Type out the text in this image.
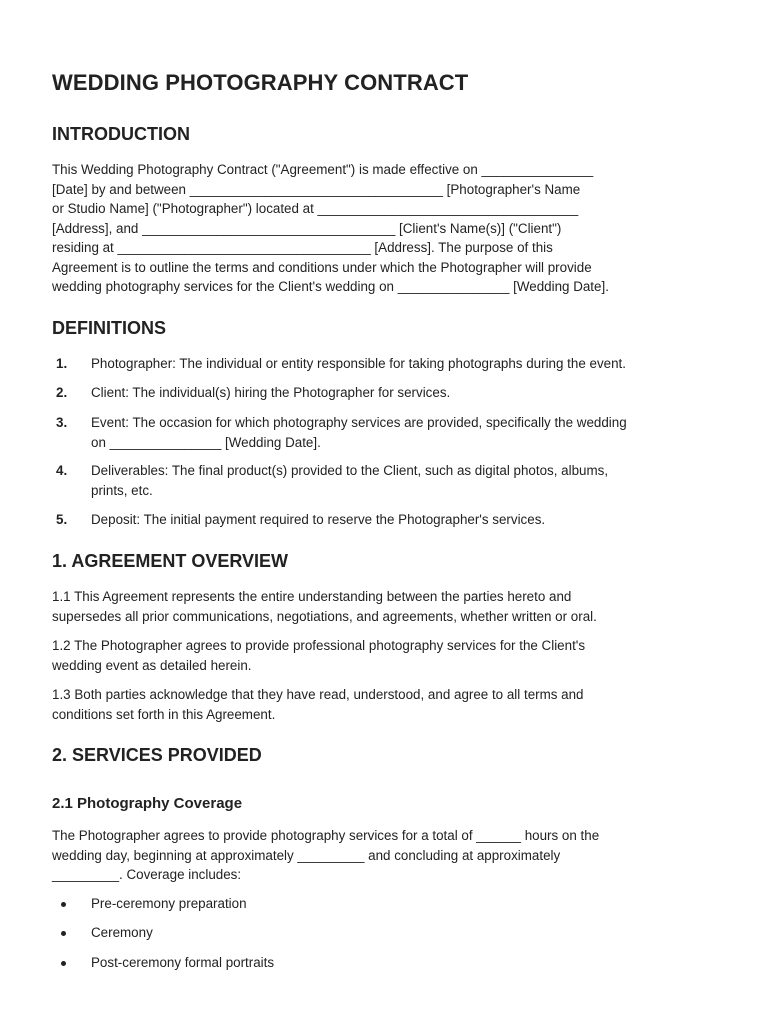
WEDDING PHOTOGRAPHY CONTRACT
INTRODUCTION
This Wedding Photography Contract ("Agreement") is made effective on _______________
[Date] by and between __________________________________ [Photographer's Name
or Studio Name] ("Photographer") located at ___________________________________
[Address], and __________________________________ [Client's Name(s)] ("Client")
residing at __________________________________ [Address]. The purpose of this
Agreement is to outline the terms and conditions under which the Photographer will provide
wedding photography services for the Client's wedding on _______________ [Wedding Date].
DEFINITIONS
1. Photographer: The individual or entity responsible for taking photographs during the event.
2. Client: The individual(s) hiring the Photographer for services.
3. Event: The occasion for which photography services are provided, specifically the wedding
on _______________ [Wedding Date].
4. Deliverables: The final product(s) provided to the Client, such as digital photos, albums,
prints, etc.
5. Deposit: The initial payment required to reserve the Photographer's services.
1. AGREEMENT OVERVIEW
1.1 This Agreement represents the entire understanding between the parties hereto and
supersedes all prior communications, negotiations, and agreements, whether written or oral.
1.2 The Photographer agrees to provide professional photography services for the Client's
wedding event as detailed herein.
1.3 Both parties acknowledge that they have read, understood, and agree to all terms and
conditions set forth in this Agreement.
2. SERVICES PROVIDED
2.1 Photography Coverage
The Photographer agrees to provide photography services for a total of ______ hours on the
wedding day, beginning at approximately _________ and concluding at approximately
_________. Coverage includes:
Pre-ceremony preparation
Ceremony
Post-ceremony formal portraits
